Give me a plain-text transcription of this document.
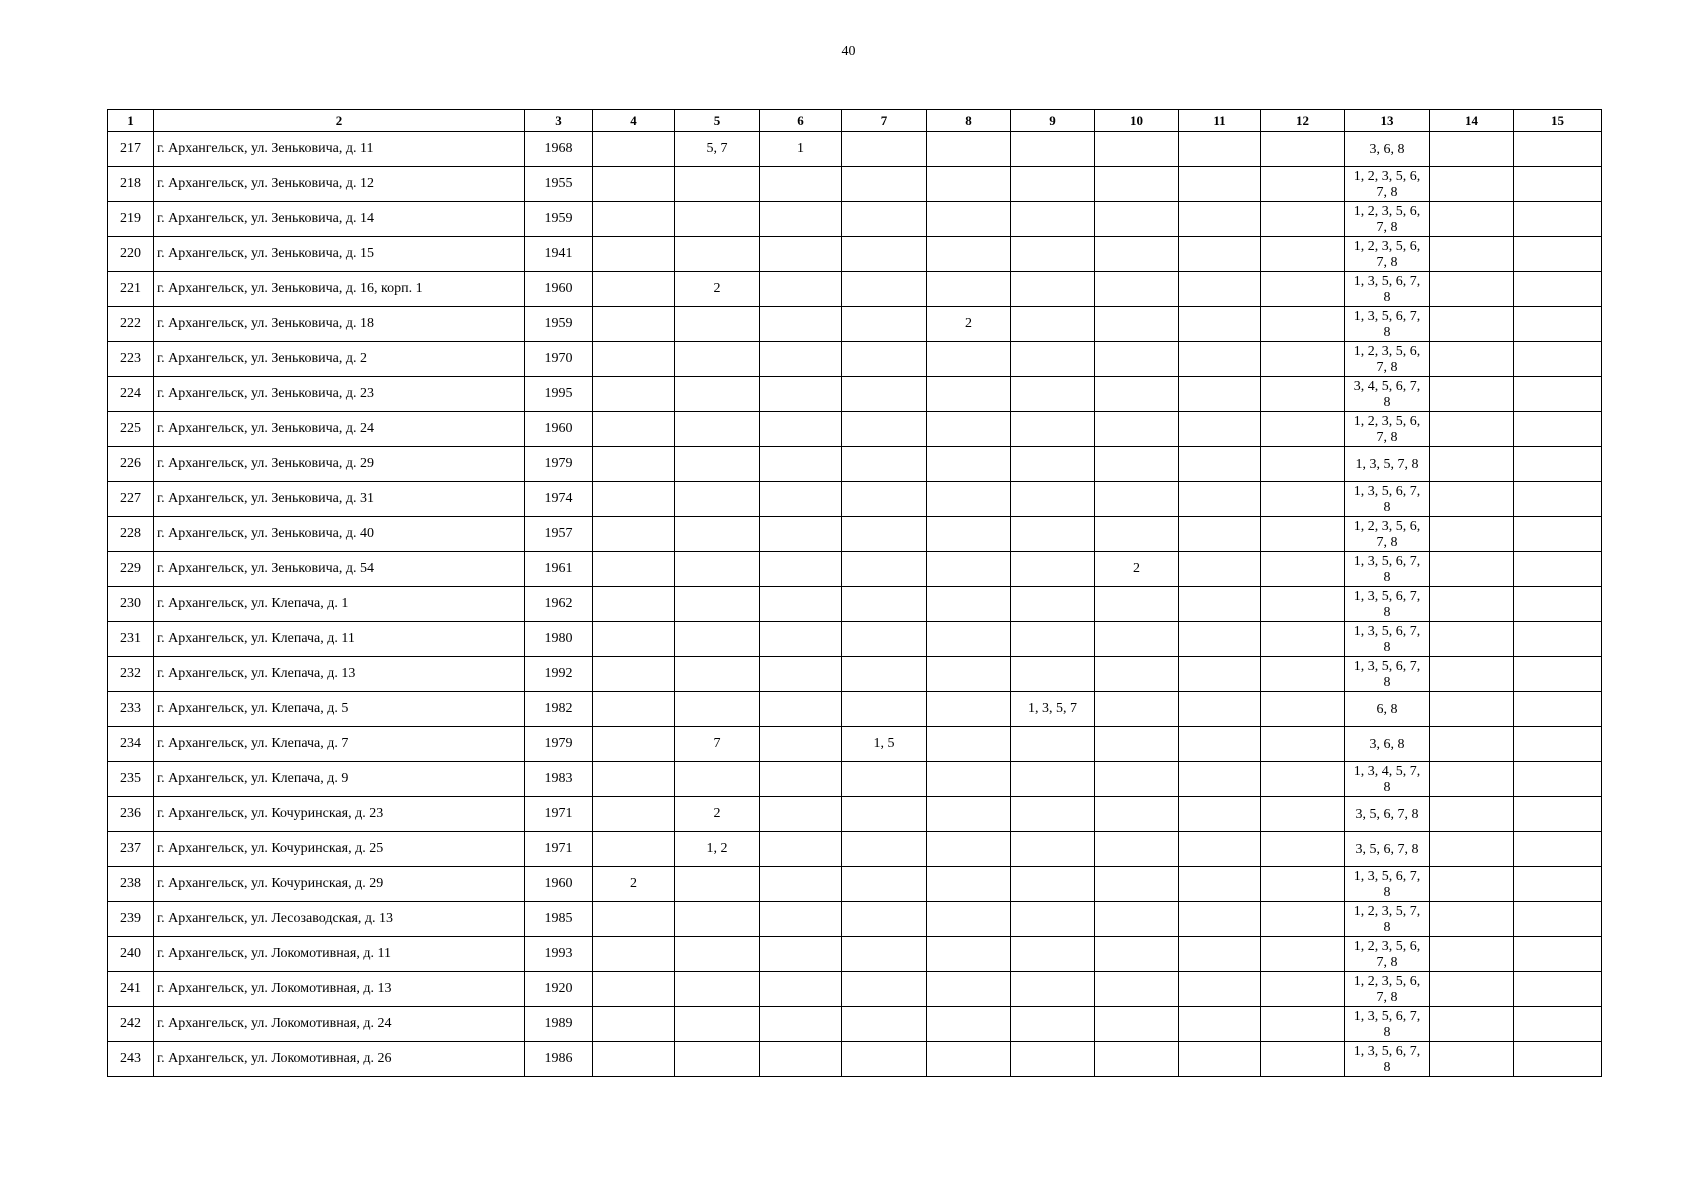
40
1	2	3	4	5	6	7	8	9	10	11	12	13	14	15
217	г. Архангельск, ул. Зеньковича, д. 11	1968		5, 7	1							3, 6, 8		

218	г. Архангельск, ул. Зеньковича, д. 12	1955										1, 2, 3, 5, 6, 7, 8		

219	г. Архангельск, ул. Зеньковича, д. 14	1959										1, 2, 3, 5, 6, 7, 8		

220	г. Архангельск, ул. Зеньковича, д. 15	1941										1, 2, 3, 5, 6, 7, 8		

221	г. Архангельск, ул. Зеньковича, д. 16, корп. 1	1960		2								1, 3, 5, 6, 7, 8		

222	г. Архангельск, ул. Зеньковича, д. 18	1959					2					1, 3, 5, 6, 7, 8		

223	г. Архангельск, ул. Зеньковича, д. 2	1970										1, 2, 3, 5, 6, 7, 8		

224	г. Архангельск, ул. Зеньковича, д. 23	1995										3, 4, 5, 6, 7, 8		

225	г. Архангельск, ул. Зеньковича, д. 24	1960										1, 2, 3, 5, 6, 7, 8		

226	г. Архангельск, ул. Зеньковича, д. 29	1979										1, 3, 5, 7, 8		

227	г. Архангельск, ул. Зеньковича, д. 31	1974										1, 3, 5, 6, 7, 8		

228	г. Архангельск, ул. Зеньковича, д. 40	1957										1, 2, 3, 5, 6, 7, 8		

229	г. Архангельск, ул. Зеньковича, д. 54	1961							2			1, 3, 5, 6, 7, 8		

230	г. Архангельск, ул. Клепача, д. 1	1962										1, 3, 5, 6, 7, 8		

231	г. Архангельск, ул. Клепача, д. 11	1980										1, 3, 5, 6, 7, 8		

232	г. Архангельск, ул. Клепача, д. 13	1992										1, 3, 5, 6, 7, 8		

233	г. Архангельск, ул. Клепача, д. 5	1982						1, 3, 5, 7				6, 8		

234	г. Архангельск, ул. Клепача, д. 7	1979		7		1, 5						3, 6, 8		

235	г. Архангельск, ул. Клепача, д. 9	1983										1, 3, 4, 5, 7, 8		

236	г. Архангельск, ул. Кочуринская, д. 23	1971		2								3, 5, 6, 7, 8		

237	г. Архангельск, ул. Кочуринская, д. 25	1971		1, 2								3, 5, 6, 7, 8		

238	г. Архангельск, ул. Кочуринская, д. 29	1960	2									1, 3, 5, 6, 7, 8		

239	г. Архангельск, ул. Лесозаводская, д. 13	1985										1, 2, 3, 5, 7, 8		

240	г. Архангельск, ул. Локомотивная, д. 11	1993										1, 2, 3, 5, 6, 7, 8		

241	г. Архангельск, ул. Локомотивная, д. 13	1920										1, 2, 3, 5, 6, 7, 8		

242	г. Архангельск, ул. Локомотивная, д. 24	1989										1, 3, 5, 6, 7, 8		

243	г. Архангельск, ул. Локомотивная, д. 26	1986										1, 3, 5, 6, 7, 8		
